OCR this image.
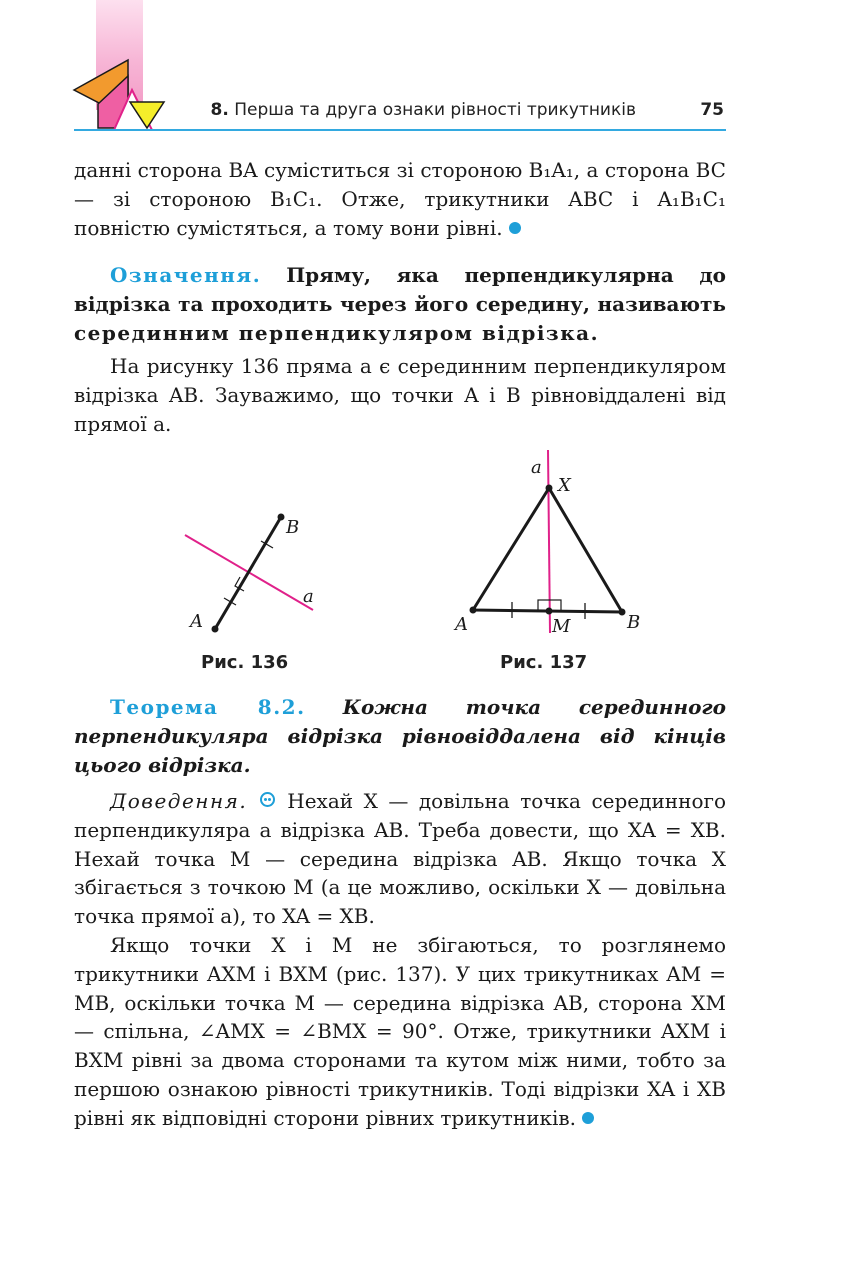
8. Перша та друга ознаки рівності трикутників	75

данні сторона BA суміститься зі стороною B₁A₁, а сторона BC — зі стороною B₁C₁. Отже, трикутники ABC і A₁B₁C₁ повністю сумістяться, а тому вони рівні.

Означення. Пряму, яка перпендикулярна до відрізка та проходить через його середину, називають серединним перпендикуляром відрізка.

На рисунку 136 пряма a є серединним перпендикуляром відрізка AB. Зауважимо, що точки A і B рівновіддалені від прямої a.

B
A
a
Рис. 136
a
X
A	M	B
Рис. 137

Теорема 8.2. Кожна точка серединного перпендикуляра відрізка рівновіддалена від кінців цього відрізка.

Доведення. Нехай X — довільна точка серединного перпендикуляра a відрізка AB. Треба довести, що XA = XB. Нехай точка M — середина відрізка AB. Якщо точка X збігається з точкою M (а це можливо, оскільки X — довільна точка прямої a), то XA = XB.

Якщо точки X і M не збігаються, то розглянемо трикутники AXM і BXM (рис. 137). У цих трикутниках AM = MB, оскільки точка M — середина відрізка AB, сторона XM — спільна, ∠AMX = ∠BMX = 90°. Отже, трикутники AXM і BXM рівні за двома сторонами та кутом між ними, тобто за першою ознакою рівності трикутників. Тоді відрізки XA і XB рівні як відповідні сторони рівних трикутників.
